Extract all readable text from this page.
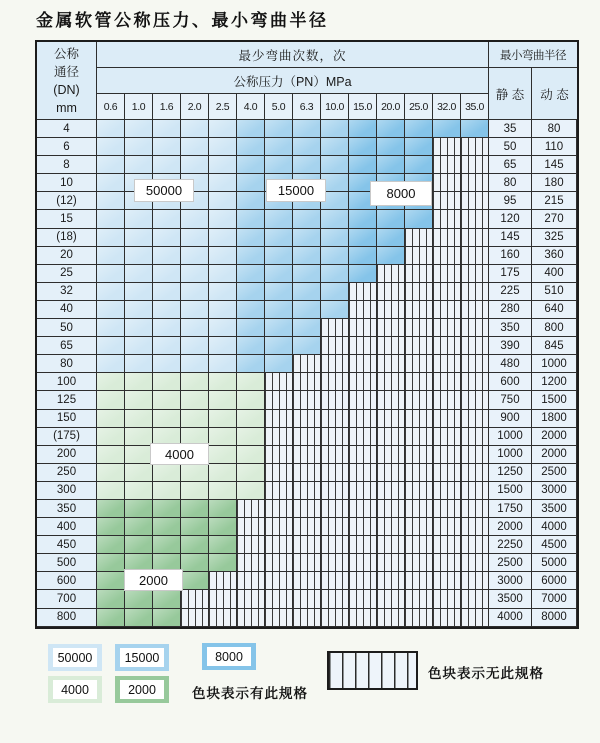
金属软管公称压力、最小弯曲半径
公称
通径
(DN)
mm
最少弯曲次数，次
公称压力（PN）MPa
0.6	1.0	1.6	2.0	2.5	4.0	5.0	6.3	10.0 15.0 20.0 25.0 32.0 35.0
最小弯曲半径
静 态	动 态
4	35	80
6	50	110
8	65	145
10	80	180
(12)	95	215
15	120	270
(18)	145	325
20	160	360
25	175	400
32	225	510
40	280	640
50	350	800
65	390	845
80	480	1000
100	600	1200
125	750	1500
150	900	1800
(175)	1000	2000
200	1000	2000
250	1250	2500
300	1500	3000
350	1750	3500
400	2000	4000
450	2250	4500
500	2500	5000
600	3000	6000
700	3500	7000
800	4000	8000
50000	15000	8000
4000
2000
50000	15000	8000
4000	2000	色块表示有此规格
色块表示无此规格
